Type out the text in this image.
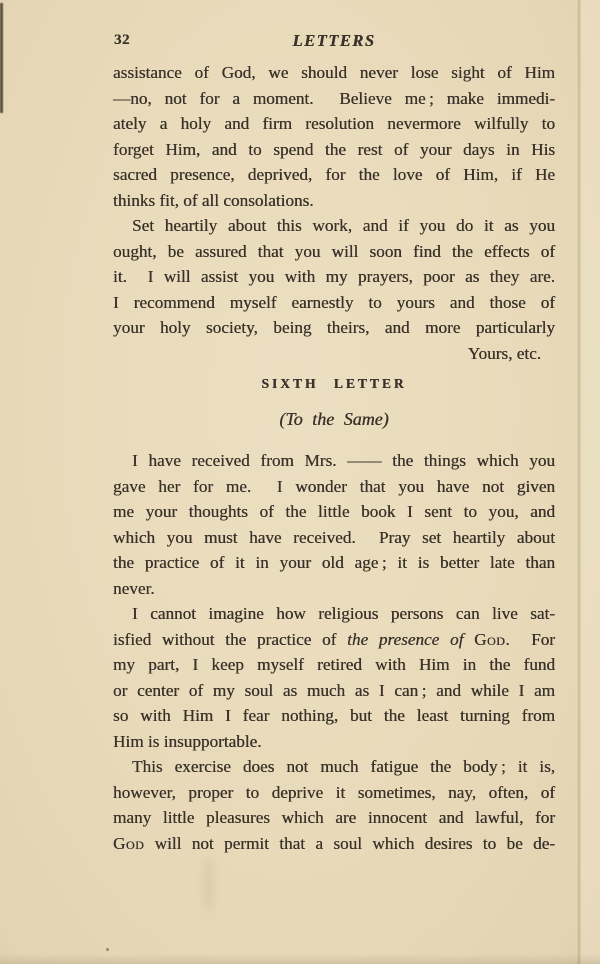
32	LETTERS
assistance of God, we should never lose sight of Him
—no, not for a moment.  Believe me ; make immedi-
ately a holy and firm resolution nevermore wilfully to
forget Him, and to spend the rest of your days in His
sacred presence, deprived, for the love of Him, if He
thinks fit, of all consolations.
Set heartily about this work, and if you do it as you
ought, be assured that you will soon find the effects of
it.  I will assist you with my prayers, poor as they are.
I recommend myself earnestly to yours and those of
your holy society, being theirs, and more particularly
Yours, etc.
SIXTH LETTER
(To the Same)
I have received from Mrs. —— the things which you
gave her for me.  I wonder that you have not given
me your thoughts of the little book I sent to you, and
which you must have received.  Pray set heartily about
the practice of it in your old age ; it is better late than
never.
I cannot imagine how religious persons can live sat-
isfied without the practice of the presence of God.  For
my part, I keep myself retired with Him in the fund
or center of my soul as much as I can ; and while I am
so with Him I fear nothing, but the least turning from
Him is insupportable.
This exercise does not much fatigue the body ; it is,
however, proper to deprive it sometimes, nay, often, of
many little pleasures which are innocent and lawful, for
God will not permit that a soul which desires to be de-
